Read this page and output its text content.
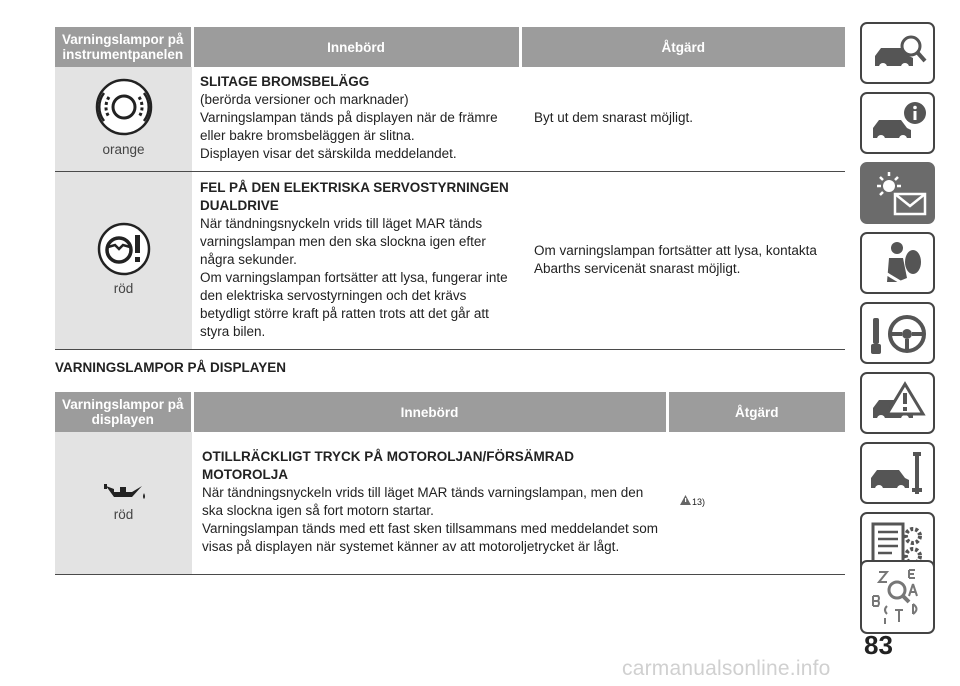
Varningslampor på instrumentpanelen	Innebörd	Åtgärd

orange	SLITAGE BROMSBELÄGG
(berörda versioner och marknader)
Varningslampan tänds på displayen när de främre eller bakre bromsbeläggen är slitna.
Displayen visar det särskilda meddelandet.	Byt ut dem snarast möjligt.

röd	FEL PÅ DEN ELEKTRISKA SERVOSTYRNINGEN DUALDRIVE
När tändningsnyckeln vrids till läget MAR tänds varningslampan men den ska slockna igen efter några sekunder.
Om varningslampan fortsätter att lysa, fungerar inte den elektriska servostyrningen och det krävs betydligt större kraft på ratten trots att det går att styra bilen.	Om varningslampan fortsätter att lysa, kontakta Abarths servicenät snarast möjligt.
VARNINGSLAMPOR PÅ DISPLAYEN
Varningslampor på displayen	Innebörd	Åtgärd

röd	OTILLRÄCKLIGT TRYCK PÅ MOTOROLJAN/FÖRSÄMRAD MOTOROLJA
När tändningsnyckeln vrids till läget MAR tänds varningslampan, men den ska slockna igen så fort motorn startar.
Varningslampan tänds med ett fast sken tillsammans med meddelandet som visas på displayen när systemet känner av att motoroljetrycket är lågt.	13)
83
carmanualsonline.info
